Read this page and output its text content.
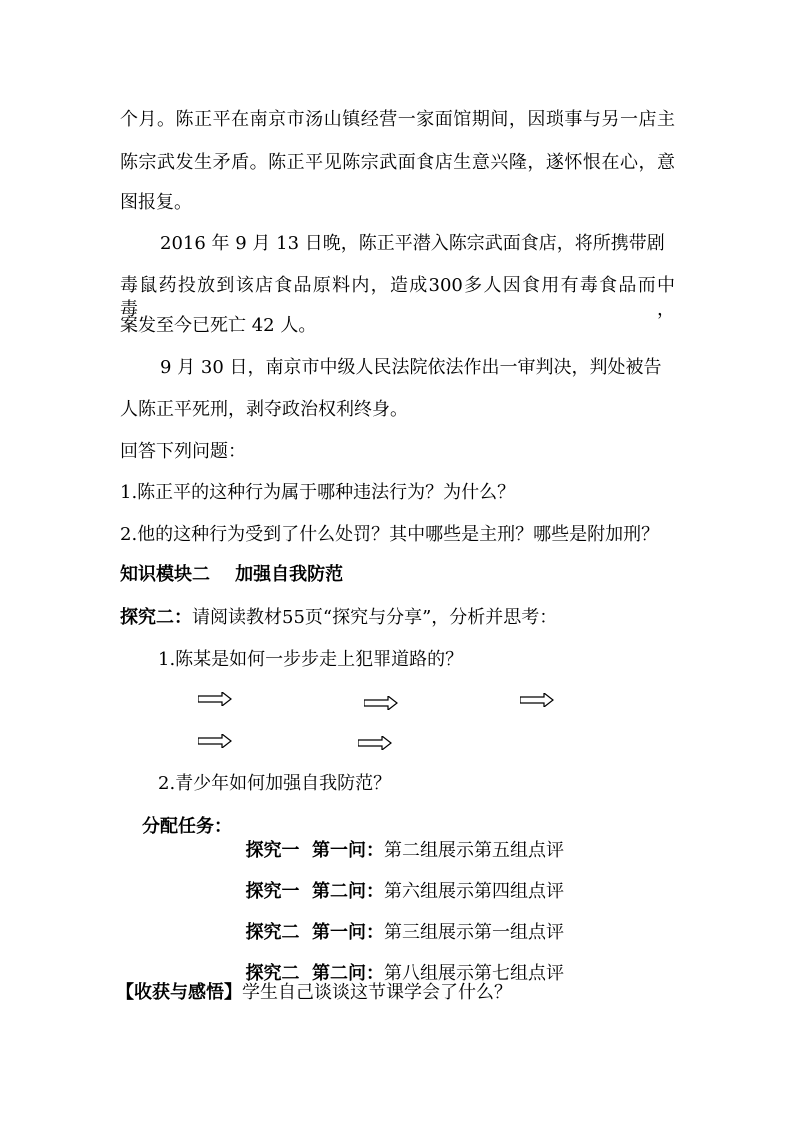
个月。陈正平在南京市汤山镇经营一家面馆期间，因琐事与另一店主
陈宗武发生矛盾。陈正平见陈宗武面食店生意兴隆，遂怀恨在心，意
图报复。
2016 年 9 月 13 日晚，陈正平潜入陈宗武面食店，将所携带剧
毒鼠药投放到该店食品原料内，造成300多人因食用有毒食品而中毒，
案发至今已死亡 42 人。
9 月 30 日，南京市中级人民法院依法作出一审判决，判处被告
人陈正平死刑，剥夺政治权利终身。
回答下列问题：
1.陈正平的这种行为属于哪种违法行为？为什么？
2.他的这种行为受到了什么处罚？其中哪些是主刑？哪些是附加刑？
知识模块二    加强自我防范
探究二：请阅读教材55页“探究与分享”，分析并思考：
1.陈某是如何一步步走上犯罪道路的？
2.青少年如何加强自我防范？
分配任务：

探究一  第一问：第二组展示第五组点评

探究一  第二问：第六组展示第四组点评

探究二  第一问：第三组展示第一组点评

探究二  第二问：第八组展示第七组点评

【收获与感悟】学生自己谈谈这节课学会了什么？
